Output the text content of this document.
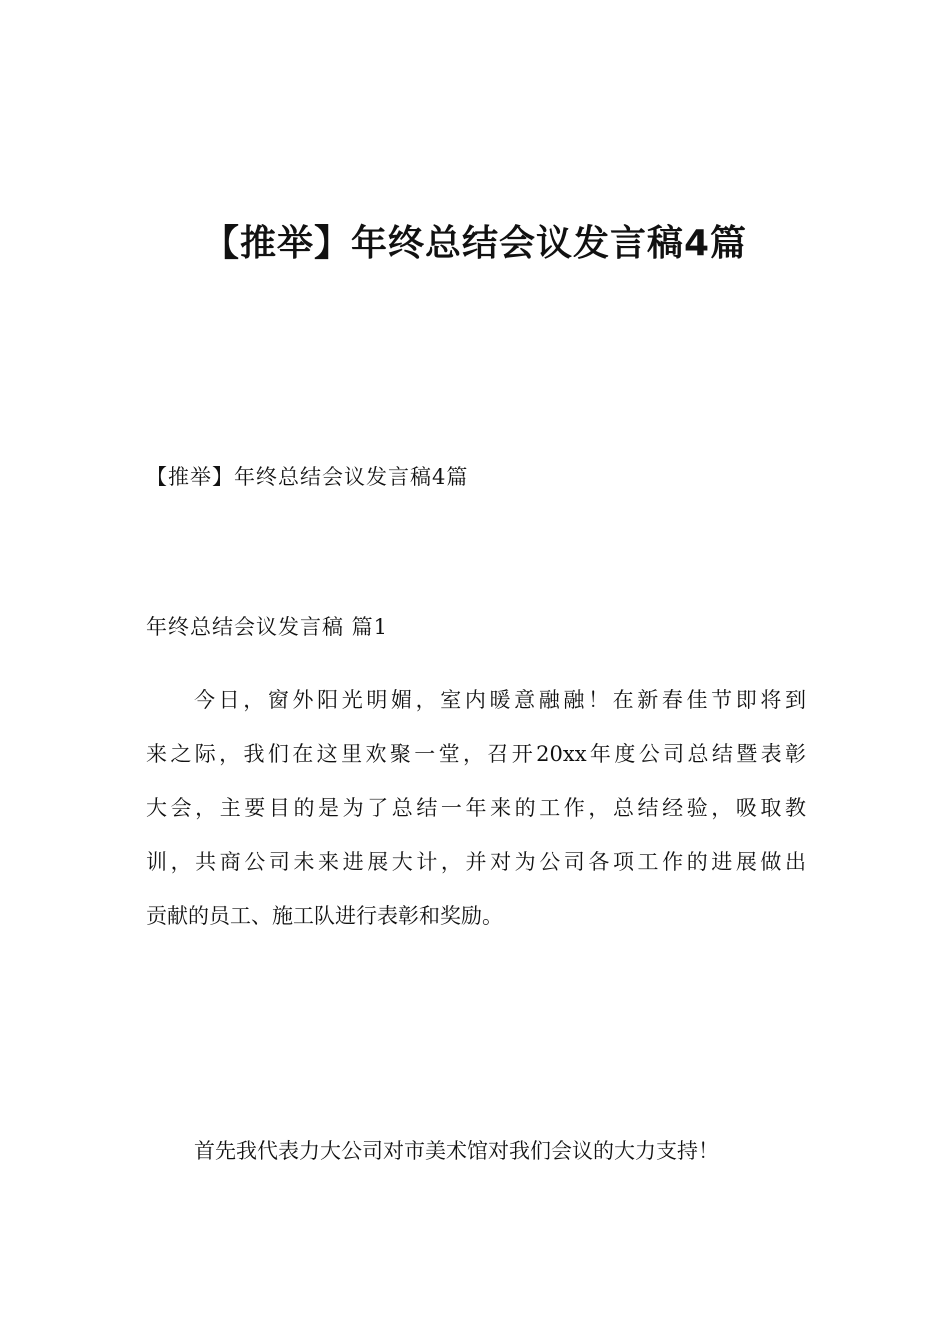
【推举】年终总结会议发言稿4篇

【推举】年终总结会议发言稿4篇

年终总结会议发言稿 篇1

今日，窗外阳光明媚，室内暖意融融！在新春佳节即将到
来之际，我们在这里欢聚一堂，召开20xx年度公司总结暨表彰
大会，主要目的是为了总结一年来的工作，总结经验，吸取教
训，共商公司未来进展大计，并对为公司各项工作的进展做出
贡献的员工、施工队进行表彰和奖励。
首先我代表力大公司对市美术馆对我们会议的大力支持！
